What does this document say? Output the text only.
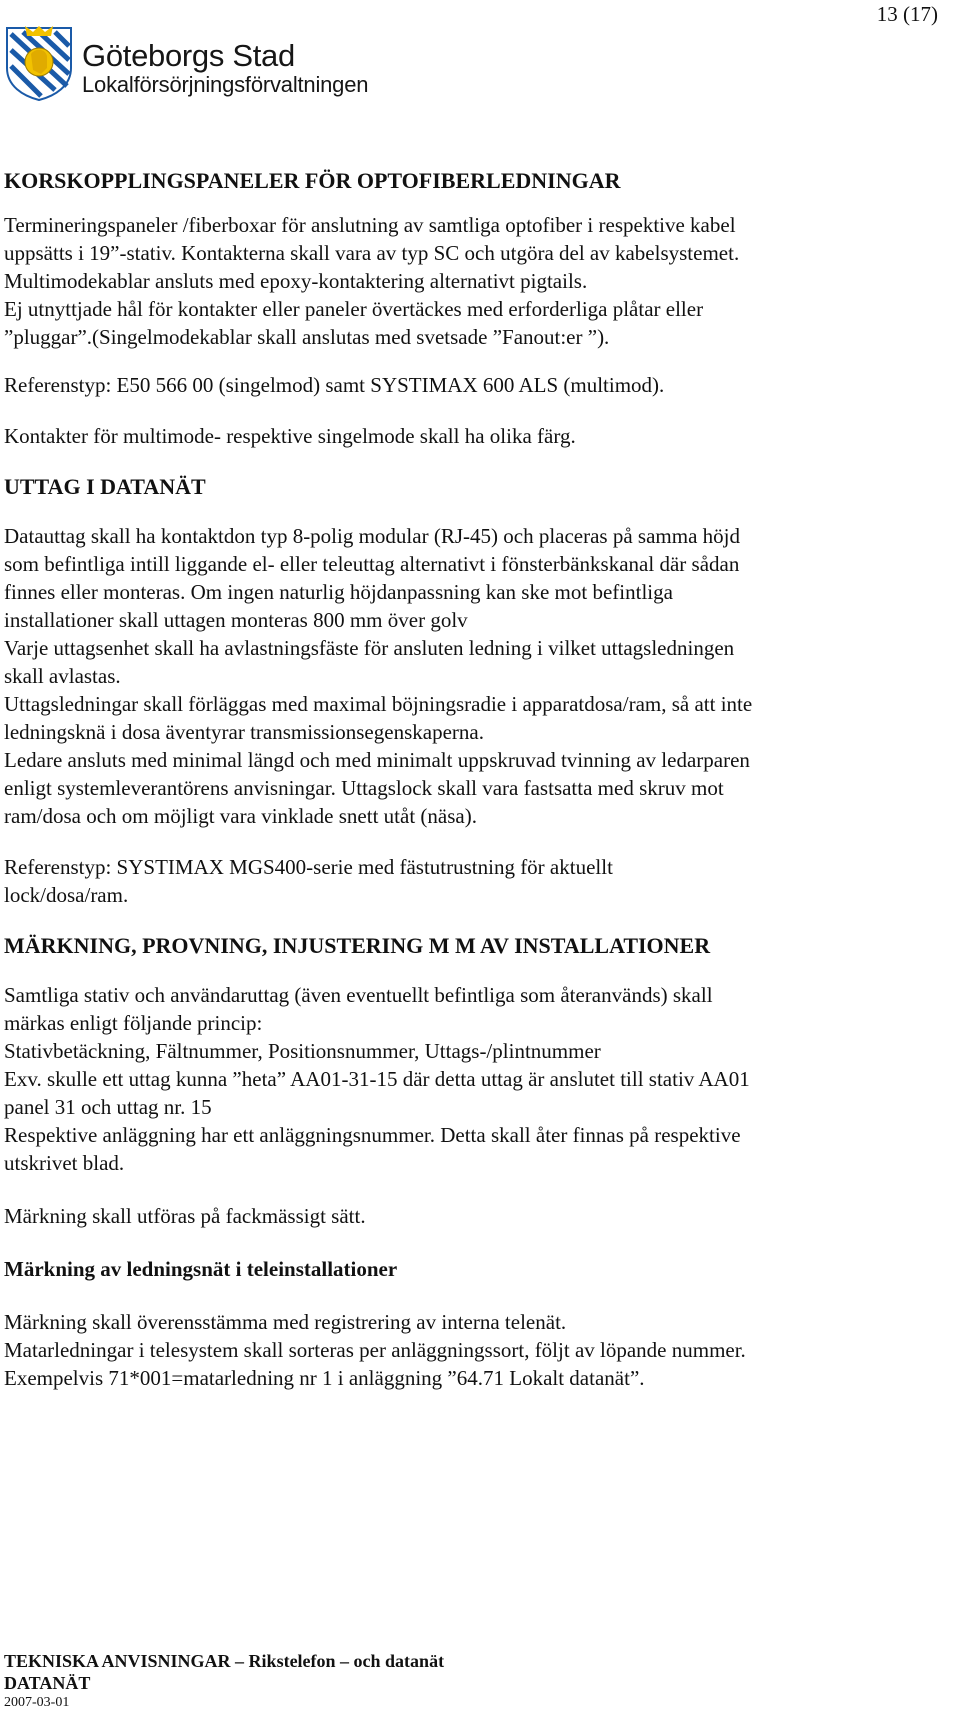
13 (17)
Göteborgs Stad
Lokalförsörjningsförvaltningen
KORSKOPPLINGSPANELER FÖR OPTOFIBERLEDNINGAR

Termineringspaneler /fiberboxar för anslutning av samtliga optofiber i respektive kabel

uppsätts i 19”-stativ. Kontakterna skall vara av typ SC och utgöra del av kabelsystemet.

Multimodekablar ansluts med epoxy-kontaktering alternativt pigtails.

Ej utnyttjade hål för kontakter eller paneler övertäckes med erforderliga plåtar eller

”pluggar”.(Singelmodekablar skall anslutas med svetsade ”Fanout:er ”).

Referenstyp: E50 566 00 (singelmod) samt SYSTIMAX 600 ALS (multimod).

Kontakter för multimode- respektive singelmode skall ha olika färg.

UTTAG I DATANÄT

Datauttag skall ha kontaktdon typ 8-polig modular (RJ-45) och placeras på samma höjd

som befintliga intill liggande el- eller teleuttag alternativt i fönsterbänkskanal där sådan

finnes eller monteras. Om ingen naturlig höjdanpassning kan ske mot befintliga

installationer skall uttagen monteras 800 mm över golv

Varje uttagsenhet skall ha avlastningsfäste för ansluten ledning i vilket uttagsledningen

skall avlastas.

Uttagsledningar skall förläggas med maximal böjningsradie i apparatdosa/ram, så att inte

ledningsknä i dosa äventyrar transmissionsegenskaperna.

Ledare ansluts med minimal längd och med minimalt uppskruvad tvinning av ledarparen

enligt systemleverantörens anvisningar. Uttagslock skall vara fastsatta med skruv mot

ram/dosa och om möjligt vara vinklade snett utåt (näsa).

Referenstyp: SYSTIMAX MGS400-serie med fästutrustning för aktuellt

lock/dosa/ram.

MÄRKNING, PROVNING, INJUSTERING M M AV INSTALLATIONER

Samtliga stativ och användaruttag (även eventuellt befintliga som återanvänds) skall

märkas enligt följande princip:

Stativbetäckning, Fältnummer, Positionsnummer, Uttags-/plintnummer

Exv. skulle ett uttag kunna ”heta” AA01-31-15 där detta uttag är anslutet till stativ AA01

panel 31 och uttag nr. 15

Respektive anläggning har ett anläggningsnummer. Detta skall åter finnas på respektive

utskrivet blad.

Märkning skall utföras på fackmässigt sätt.

Märkning av ledningsnät i teleinstallationer

Märkning skall överensstämma med registrering av interna telenät.

Matarledningar i telesystem skall sorteras per anläggningssort, följt av löpande nummer.

Exempelvis 71*001=matarledning nr 1 i anläggning ”64.71 Lokalt datanät”.

TEKNISKA ANVISNINGAR – Rikstelefon – och datanät
DATANÄT
2007-03-01
